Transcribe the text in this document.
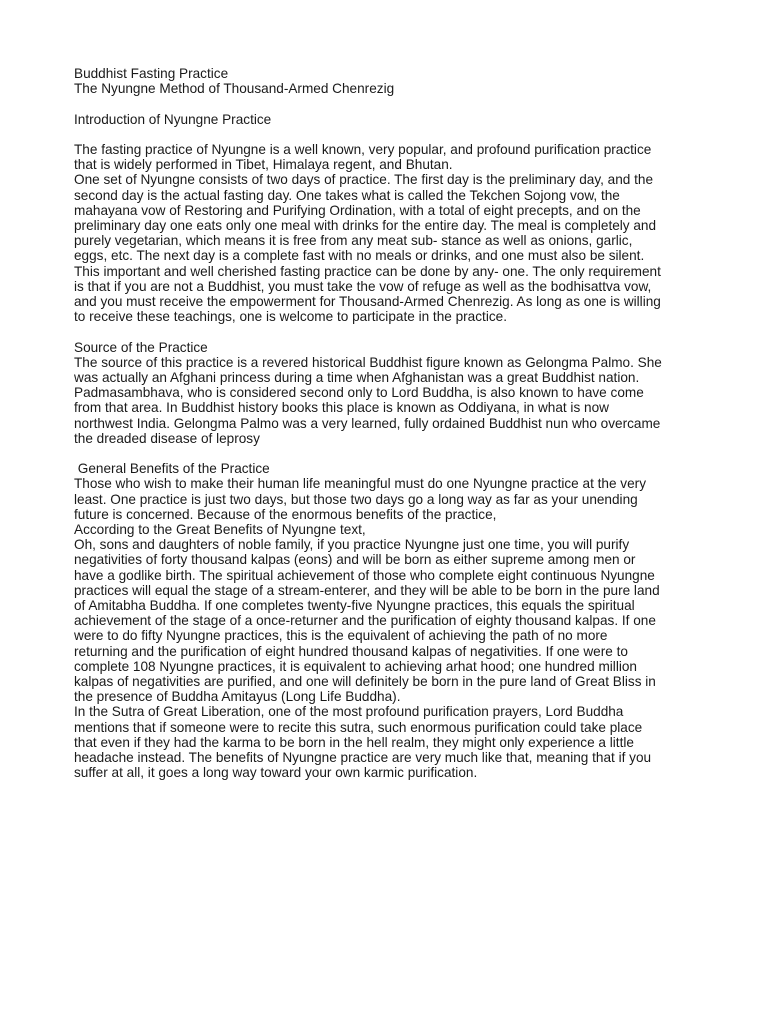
Buddhist Fasting Practice
The Nyungne Method of Thousand-Armed Chenrezig
Introduction of Nyungne Practice
The fasting practice of Nyungne is a well known, very popular, and profound purification practice
that is widely performed in Tibet, Himalaya regent, and Bhutan.
One set of Nyungne consists of two days of practice. The first day is the preliminary day, and the
second day is the actual fasting day. One takes what is called the Tekchen Sojong vow, the
mahayana vow of Restoring and Purifying Ordination, with a total of eight precepts, and on the
preliminary day one eats only one meal with drinks for the entire day. The meal is completely and
purely vegetarian, which means it is free from any meat sub- stance as well as onions, garlic,
eggs, etc. The next day is a complete fast with no meals or drinks, and one must also be silent.
This important and well cherished fasting practice can be done by any- one. The only requirement
is that if you are not a Buddhist, you must take the vow of refuge as well as the bodhisattva vow,
and you must receive the empowerment for Thousand-Armed Chenrezig. As long as one is willing
to receive these teachings, one is welcome to participate in the practice.
Source of the Practice
The source of this practice is a revered historical Buddhist figure known as Gelongma Palmo. She
was actually an Afghani princess during a time when Afghanistan was a great Buddhist nation.
Padmasambhava, who is considered second only to Lord Buddha, is also known to have come
from that area. In Buddhist history books this place is known as Oddiyana, in what is now
northwest India. Gelongma Palmo was a very learned, fully ordained Buddhist nun who overcame
the dreaded disease of leprosy
General Benefits of the Practice
Those who wish to make their human life meaningful must do one Nyungne practice at the very
least. One practice is just two days, but those two days go a long way as far as your unending
future is concerned. Because of the enormous benefits of the practice,
According to the Great Benefits of Nyungne text,
Oh, sons and daughters of noble family, if you practice Nyungne just one time, you will purify
negativities of forty thousand kalpas (eons) and will be born as either supreme among men or
have a godlike birth. The spiritual achievement of those who complete eight continuous Nyungne
practices will equal the stage of a stream-enterer, and they will be able to be born in the pure land
of Amitabha Buddha. If one completes twenty-five Nyungne practices, this equals the spiritual
achievement of the stage of a once-returner and the purification of eighty thousand kalpas. If one
were to do fifty Nyungne practices, this is the equivalent of achieving the path of no more
returning and the purification of eight hundred thousand kalpas of negativities. If one were to
complete 108 Nyungne practices, it is equivalent to achieving arhat hood; one hundred million
kalpas of negativities are purified, and one will definitely be born in the pure land of Great Bliss in
the presence of Buddha Amitayus (Long Life Buddha).
In the Sutra of Great Liberation, one of the most profound purification prayers, Lord Buddha
mentions that if someone were to recite this sutra, such enormous purification could take place
that even if they had the karma to be born in the hell realm, they might only experience a little
headache instead. The benefits of Nyungne practice are very much like that, meaning that if you
suffer at all, it goes a long way toward your own karmic purification.
